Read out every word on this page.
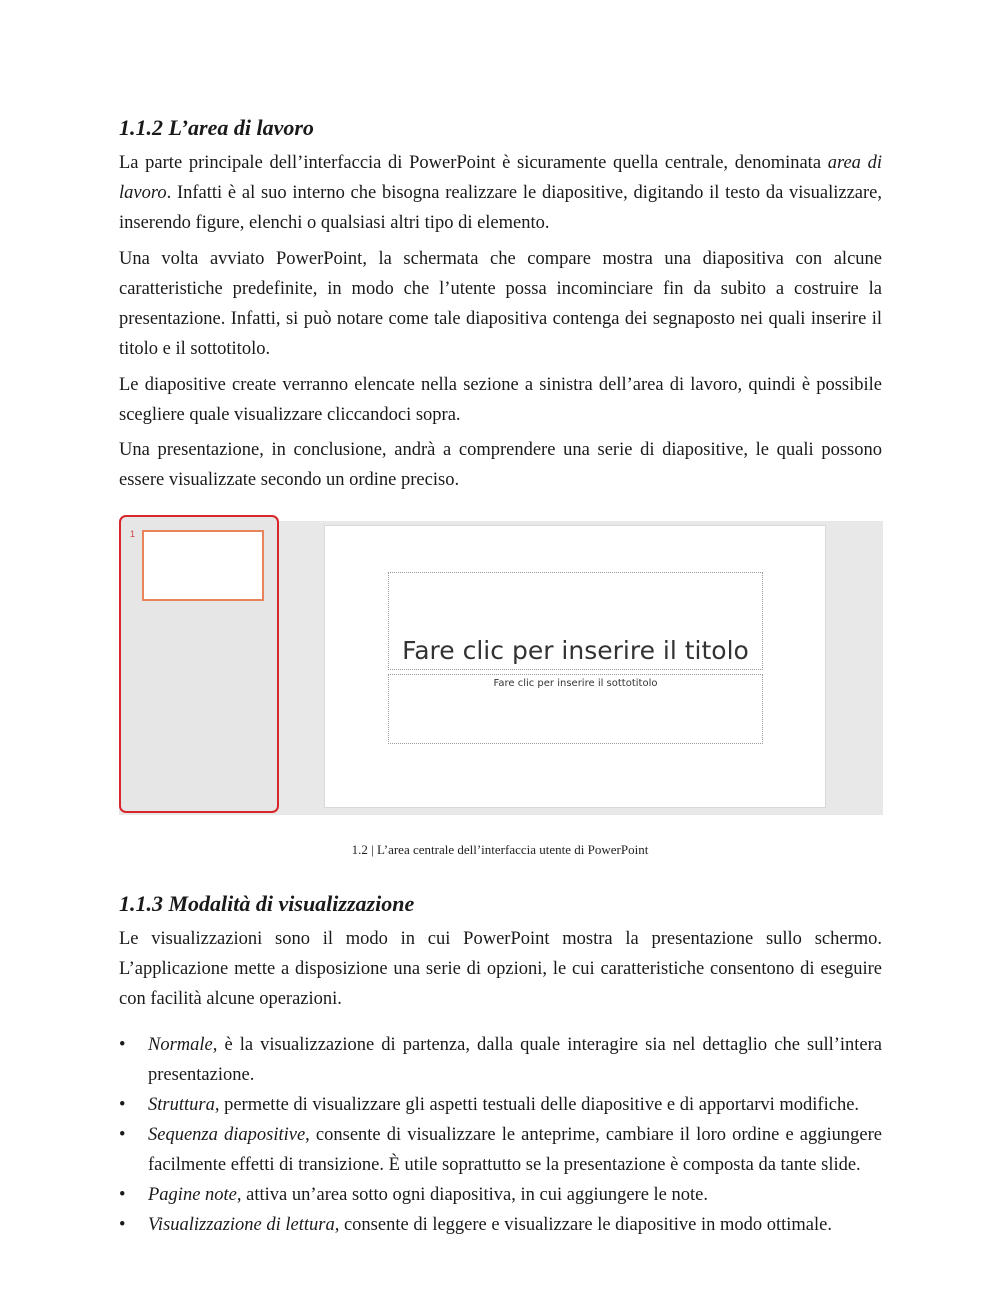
1.1.2 L’area di lavoro

La parte principale dell’interfaccia di PowerPoint è sicuramente quella centrale, denominata area di lavoro. Infatti è al suo interno che bisogna realizzare le diapositive, digitando il testo da visualizzare, inserendo figure, elenchi o qualsiasi altri tipo di elemento.

Una volta avviato PowerPoint, la schermata che compare mostra una diapositiva con alcune caratteristiche predefinite, in modo che l’utente possa incominciare fin da subito a costruire la presentazione. Infatti, si può notare come tale diapositiva contenga dei segnaposto nei quali inserire il titolo e il sottotitolo.

Le diapositive create verranno elencate nella sezione a sinistra dell’area di lavoro, quindi è possibile scegliere quale visualizzare cliccandoci sopra.

Una presentazione, in conclusione, andrà a comprendere una serie di diapositive, le quali possono essere visualizzate secondo un ordine preciso.

1.1.3 Modalità di visualizzazione

Le visualizzazioni sono il modo in cui PowerPoint mostra la presentazione sullo schermo. L’applicazione mette a disposizione una serie di opzioni, le cui caratteristiche consentono di eseguire con facilità alcune operazioni.

• Normale, è la visualizzazione di partenza, dalla quale interagire sia nel dettaglio che sull’intera presentazione.
• Struttura, permette di visualizzare gli aspetti testuali delle diapositive e di apportarvi modifiche.
• Sequenza diapositive, consente di visualizzare le anteprime, cambiare il loro ordine e aggiungere facilmente effetti di transizione. È utile soprattutto se la presentazione è composta da tante slide.
• Pagine note, attiva un’area sotto ogni diapositiva, in cui aggiungere le note.
• Visualizzazione di lettura, consente di leggere e visualizzare le diapositive in modo ottimale.
1
Fare clic per inserire il titolo
Fare clic per inserire il sottotitolo
1.2 | L’area centrale dell’interfaccia utente di PowerPoint
